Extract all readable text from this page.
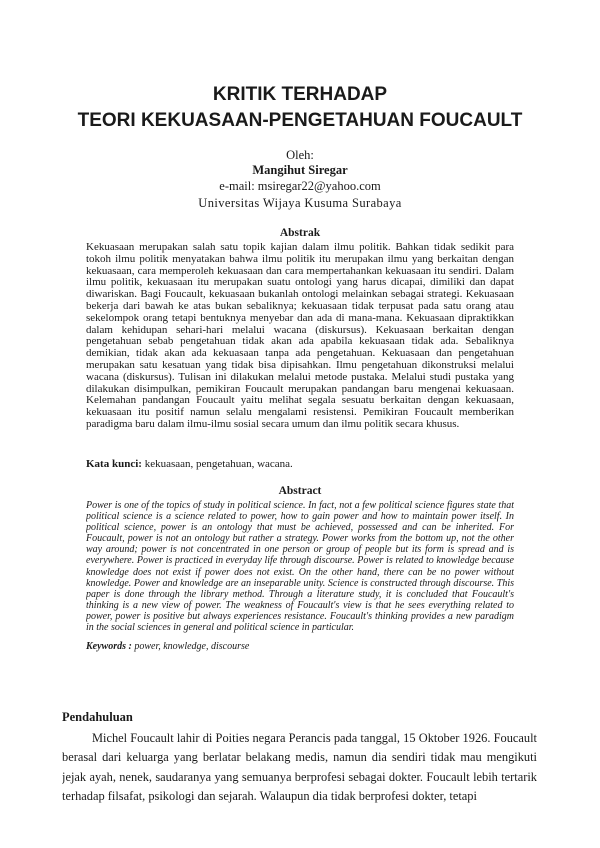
KRITIK TERHADAP
TEORI KEKUASAAN-PENGETAHUAN FOUCAULT
Oleh:
Mangihut Siregar
e-mail: msiregar22@yahoo.com
Universitas Wijaya Kusuma Surabaya
Abstrak

Kekuasaan merupakan salah satu topik kajian dalam ilmu politik. Bahkan tidak sedikit para tokoh ilmu politik menyatakan bahwa ilmu politik itu merupakan ilmu yang berkaitan dengan kekuasaan, cara memperoleh kekuasaan dan cara mempertahankan kekuasaan itu sendiri. Dalam ilmu politik, kekuasaan itu merupakan suatu ontologi yang harus dicapai, dimiliki dan dapat diwariskan. Bagi Foucault, kekuasaan bukanlah ontologi melainkan sebagai strategi. Kekuasaan bekerja dari bawah ke atas bukan sebaliknya; kekuasaan tidak terpusat pada satu orang atau sekelompok orang tetapi bentuknya menyebar dan ada di mana-mana. Kekuasaan dipraktikkan dalam kehidupan sehari-hari melalui wacana (diskursus). Kekuasaan berkaitan dengan pengetahuan sebab pengetahuan tidak akan ada apabila kekuasaan tidak ada. Sebaliknya demikian, tidak akan ada kekuasaan tanpa ada pengetahuan. Kekuasaan dan pengetahuan merupakan satu kesatuan yang tidak bisa dipisahkan. Ilmu pengetahuan dikonstruksi melalui wacana (diskursus). Tulisan ini dilakukan melalui metode pustaka. Melalui studi pustaka yang dilakukan disimpulkan, pemikiran Foucault merupakan pandangan baru mengenai kekuasaan. Kelemahan pandangan Foucault yaitu melihat segala sesuatu berkaitan dengan kekuasaan, kekuasaan itu positif namun selalu mengalami resistensi. Pemikiran Foucault memberikan paradigma baru dalam ilmu-ilmu sosial secara umum dan ilmu politik secara khusus.

Kata kunci: kekuasaan, pengetahuan, wacana.
Abstract

Power is one of the topics of study in political science. In fact, not a few political science figures state that political science is a science related to power, how to gain power and how to maintain power itself. In political science, power is an ontology that must be achieved, possessed and can be inherited. For Foucault, power is not an ontology but rather a strategy. Power works from the bottom up, not the other way around; power is not concentrated in one person or group of people but its form is spread and is everywhere. Power is practiced in everyday life through discourse. Power is related to knowledge because knowledge does not exist if power does not exist. On the other hand, there can be no power without knowledge. Power and knowledge are an inseparable unity. Science is constructed through discourse. This paper is done through the library method. Through a literature study, it is concluded that Foucault's thinking is a new view of power. The weakness of Foucault's view is that he sees everything related to power, power is positive but always experiences resistance. Foucault's thinking provides a new paradigm in the social sciences in general and political science in particular.

Keywords : power, knowledge, discourse
Pendahuluan

Michel Foucault lahir di Poities negara Perancis pada tanggal, 15 Oktober 1926. Foucault berasal dari keluarga yang berlatar belakang medis, namun dia sendiri tidak mau mengikuti jejak ayah, nenek, saudaranya yang semuanya berprofesi sebagai dokter. Foucault lebih tertarik terhadap filsafat, psikologi dan sejarah. Walaupun dia tidak berprofesi dokter, tetapi
